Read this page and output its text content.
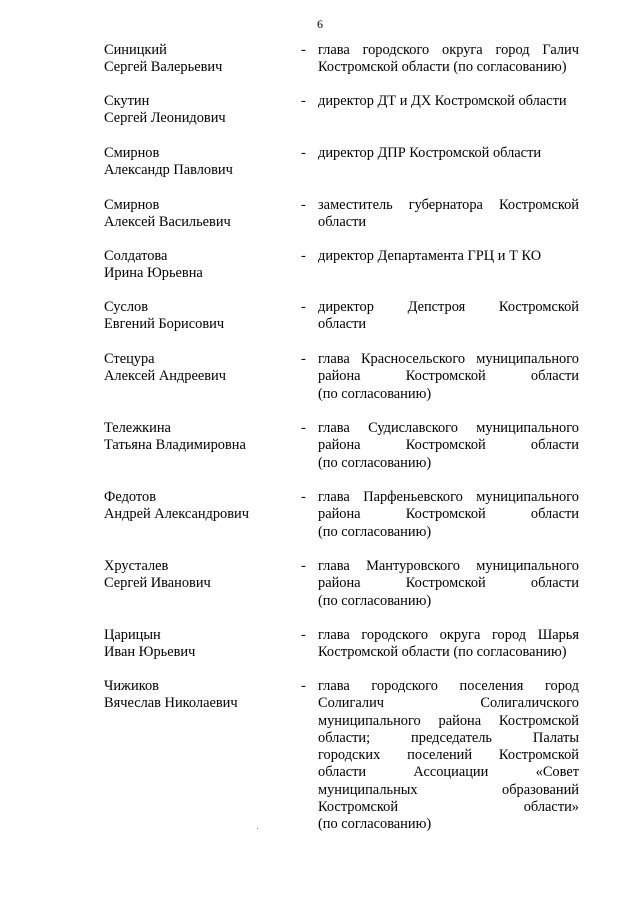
6
Синицкий
Сергей Валерьевич
- глава городского округа город Галич
Костромской области (по согласованию)
Скутин
Сергей Леонидович
- директор ДТ и ДХ Костромской области
Смирнов
Александр Павлович
- директор ДПР Костромской области
Смирнов
Алексей Васильевич
- заместитель губернатора Костромской
области
Солдатова
Ирина Юрьевна
- директор Департамента ГРЦ и Т КО
Суслов
Евгений Борисович
- директор Депстроя Костромской
области
Стецура
Алексей Андреевич
- глава Красносельского муниципального
района Костромской области
(по согласованию)
Тележкина
Татьяна Владимировна
- глава Судиславского муниципального
района Костромской области
(по согласованию)
Федотов
Андрей Александрович
- глава Парфеньевского муниципального
района Костромской области
(по согласованию)
Хрусталев
Сергей Иванович
- глава Мантуровского муниципального
района Костромской области
(по согласованию)
Царицын
Иван Юрьевич
- глава городского округа город Шарья
Костромской области (по согласованию)
Чижиков
Вячеслав Николаевич
- глава городского поселения город
Солигалич Солигаличского
муниципального района Костромской
области; председатель Палаты
городских поселений Костромской
области Ассоциации «Совет
муниципальных образований
Костромской области»
(по согласованию)
